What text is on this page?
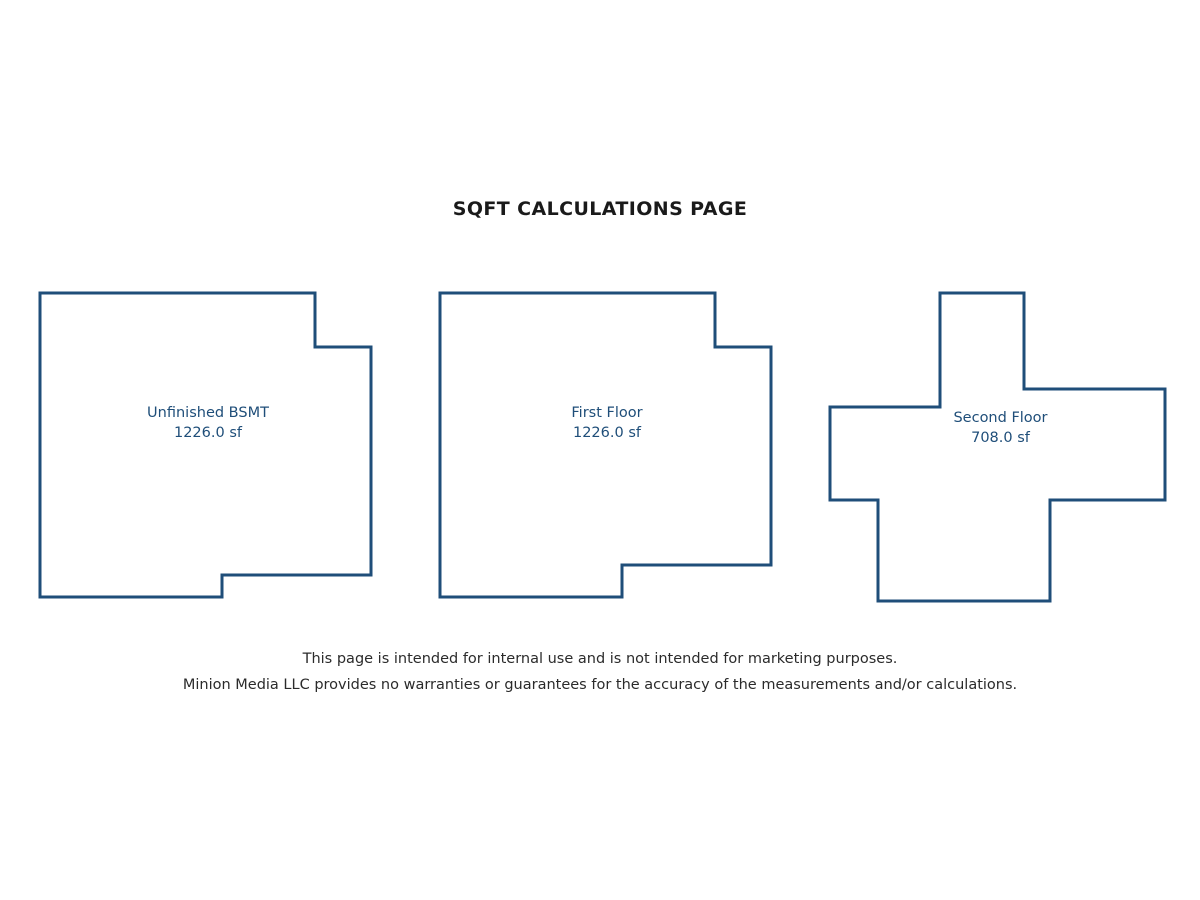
SQFT CALCULATIONS PAGE
Unfinished BSMT
1226.0 sf
First Floor
1226.0 sf
Second Floor
708.0 sf
This page is intended for internal use and is not intended for marketing purposes.
Minion Media LLC provides no warranties or guarantees for the accuracy of the measurements and/or calculations.
